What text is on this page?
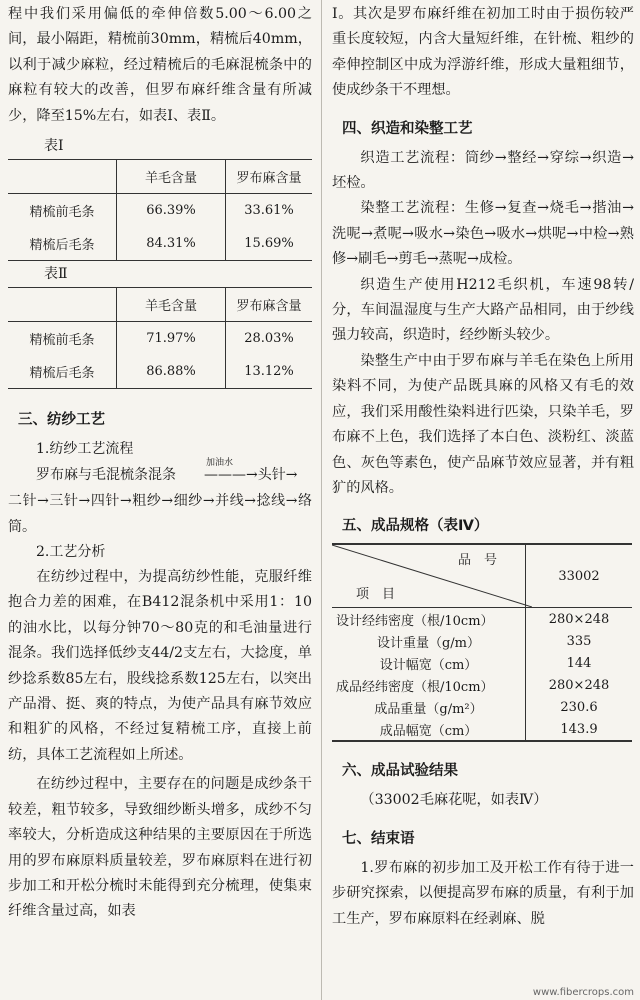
程中我们采用偏低的牵伸倍数5.00～6.00之间，最小隔距，精梳前30mm，精梳后40mm，以利于减少麻粒，经过精梳后的毛麻混梳条中的麻粒有较大的改善，但罗布麻纤维含量有所减少，降至15%左右，如表Ⅰ、表Ⅱ。

表Ⅰ
	羊毛含量	罗布麻含量
精梳前毛条	66.39%	33.61%
精梳后毛条	84.31%	15.69%
表Ⅱ
	羊毛含量	罗布麻含量
精梳前毛条	71.97%	28.03%
精梳后毛条	86.88%	13.12%
三、纺纱工艺
1.纺纱工艺流程

罗布麻与毛混梳条混条
加油水
———→头针→

二针→三针→四针→粗纱→细纱→并线→捻线→络筒。

2.工艺分析

在纺纱过程中，为提高纺纱性能，克服纤维抱合力差的困难，在B412混条机中采用1：10的油水比，以每分钟70～80克的和毛油量进行混条。我们选择低纱支44/2支左右，大捻度，单纱捻系数85左右，股线捻系数125左右，以突出产品滑、挺、爽的特点，为使产品具有麻节效应和粗犷的风格，不经过复精梳工序，直接上前纺，具体工艺流程如上所述。

在纺纱过程中，主要存在的问题是成纱条干较差，粗节较多，导致细纱断头增多，成纱不匀率较大，分析造成这种结果的主要原因在于所选用的罗布麻原料质量较差，罗布麻原料在进行初步加工和开松分梳时未能得到充分梳理，使集束纤维含量过高，如表

Ⅰ。其次是罗布麻纤维在初加工时由于损伤较严重长度较短，内含大量短纤维，在针梳、粗纱的牵伸控制区中成为浮游纤维，形成大量粗细节，使成纱条干不理想。

四、织造和染整工艺

织造工艺流程：筒纱→整经→穿综→织造→坯检。

染整工艺流程：生修→复查→烧毛→揩油→洗呢→煮呢→吸水→染色→吸水→烘呢→中检→熟修→刷毛→剪毛→蒸呢→成检。

织造生产使用H212毛织机，车速98转/分，车间温湿度与生产大路产品相同，由于纱线强力较高，织造时，经纱断头较少。

染整生产中由于罗布麻与羊毛在染色上所用染料不同，为使产品既具麻的风格又有毛的效应，我们采用酸性染料进行匹染，只染羊毛，罗布麻不上色，我们选择了本白色、淡粉红、淡蓝色、灰色等素色，使产品麻节效应显著，并有粗犷的风格。

五、成品规格（表Ⅳ）
品　号
项　目	33002
设计经纬密度（根/10cm）	280×248
设计重量（g/m）	335
设计幅宽（cm）	144
成品经纬密度（根/10cm）	280×248
成品重量（g/m²）	230.6
成品幅宽（cm）	143.9
六、成品试验结果

（33002毛麻花呢，如表Ⅳ）

七、结束语

1.罗布麻的初步加工及开松工作有待于进一步研究探索，以便提高罗布麻的质量，有利于加工生产，罗布麻原料在经剥麻、脱

www.fibercrops.com
